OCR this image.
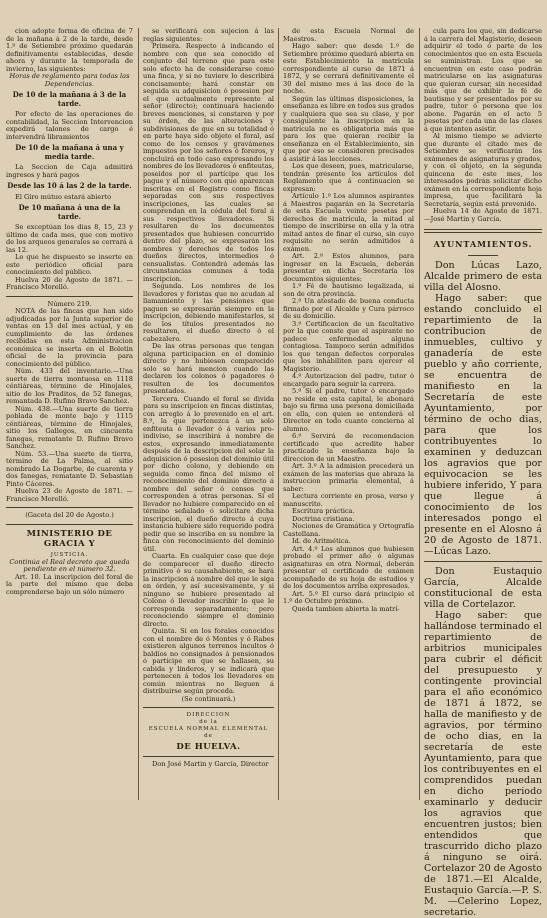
cion adopte forma de oficina de 7 de la mañana á 2 de la tarde, desde 1.º de Setiembre próximo quedarán definitivamente establecidas, desde ahora y durante la temporada de invierno, las siguientes:

Horas de reglamento para todas las Dependencias.

De 10 de la mañana á 3 de la tarde.

Por efecto de las operaciones de contabilidad, la Seccion Intervencion expedirá talones de cargo é intervendrá libramientos

De 10 de la mañana á una y media tarde.

La Seccion de Caja admitirá ingresos y hará pagos

Desde las 10 á las 2 de la tarde.

El Giro mútuo estará abierto

De 10 mañana á una de la tarde.

Se exceptúan los dias 8, 15, 23 y último de cada mes, que con motivo de los arqueos generales se cerrará á las 12.

Lo que he dispuesto se inserte en este periódico oficial para conocimiento del público.

Huelva 20 de Agosto de 1871. —Francisco Morelló.

Número 219.

NOTA de las fincas que han sido adjudicadas por la Junta superior de ventas en 13 del mes actual, y en cumplimiento de las órdenes recibidas en esta Administracion económica se inserta en el Boletin oficial de la provincia para conocimiento del público.

Núm. 433 del inventario.—Una suerte de tierra montuosa en 1118 céntiáreas, término de Hinojales, sitio de los Praditos, de 52 fanegas, remantada D. Rufino Bravo Sanchez.

Núm. 438.—Una suerte de tierra poblada de monte bajo y 1115 céntiáreas, término de Hinojales, sitio los Gallegos, en cincuenta fanegas, rematante D. Rufino Bravo Sanchez.

Núm. 53.—Una suerte de tierra, término de La Palma, al sitio nombrado La Dogarbe, de cuarenta y dos fanegas, rematante D. Sebastian Pinto Cáceres.

Huelva 23 de Agosto de 1871. —Francisco Morelló.

(Gaceta del 20 de Agosto.)

MINISTERIO DE GRACIA Y

JUSTICIA.

Continúa el Real decreto que queda pendiente en el número 32.

Art. 10. La inscripcion del foral de la parte del mismo que deba comprenderse bajo un sólo número

se verificará con sujecion á las reglas siguientes:

Primera. Respecto á indicando el nombre con que sea conocido el conjunto del terreno que para este solo efecto ha de considerarse como una finca, y si no tuviere lo describirá concisamente; hará constar en seguida su adquisicion ó posesion por el que actualmente represente al señor (directo); continuará haciendo breves menciones, si constaren y por su órden, de las alteraciones y subdivisiones de que en su totalidad ó en parte haya sido objeto el foral, así como de los censos y gravámenes impuestos por los señores ó foreros, y concluirá en todo caso expresando los nombres de los llevadores ó enfiteutas, poseidos por el partícipe que los pague y el número con que aparezcan inscritas en el Registro como fincas separadas con sus respectivos inscripciones, las cuales se comprendan en la cédula del foral á sus respectivos llevadores. Si resultaren de los documentos presentados que hubiesen concurrido dentro del plazo, se expresarán los nombres y derechos de todos los dueños directos, intermedios ó censualistas. Contendrá además las circunstancias comunes á toda inscripcion.

Segunda. Los nombres de los llevadores y foristas que no acudan al llamamiento y las pensiones que paguen se expresarán siempre en la inscripcion, debiendo manifestarlos, si de los títulos presentados no resultaren, el dueño directo ó el cabezalero.

De las otras personas que tengan alguna participacion en el dominio directo y no hubiesen comparecido solo se hará mencion cuando las declaren los colonos ó pagadores ó resulten de los documentos presentados.

Tercera. Cuando el foral se divida para su inscripcion en fincas distintas, con arreglo á lo prevenido en el art. 8.º, la que pertenezca á un solo enfiteuta ó llevador ó á varios pro-indiviso, se inscribirá á nombre de estos, expresando inmediatamente después de la descripcion del solar la adquisicion ó posesion del dominio útil por dicho colono, y debiendo en seguida como finca del mismo el reconocimiento del dominio directo á nombre del señor ó censos que corresponden á otras personas. Si el llevador no hubiere comparecido en el término señalado ó solicitare dicha inscripcion, el dueño directo á cuya instancia hubiere sido requerido podrá pedir que se inscriba en su nombre la finca con reconocimiento del dominio útil.

Cuarta. En cualquier caso que deje de comparecer el dueño directo primitivo ó su causahabiente, se hará la inscripcion á nombre del que le siga en órden, y así sucesivamente, y si ninguno se hubiere presentado al Colono ó llevador inscribir lo que le corresponda separadamente; pero reconociendo siempre el dominio directo.

Quinta. Si en los forales conocidos con el nombre de ó Montes y ó Rabes existieren algunos terrenos incultos ó baldíos no consignados á pensionados ó partícipe en que se hallasen, su cabida y linderos, y se indicará que pertenecen á todos los llevadores en común mientras no lleguen á distribuirse según proceda.

(Se continuará.)

DIRECCION

de la

ESCUELA NORMAL ELEMENTAL

de

DE HUELVA.

Don José Martin y García, Director

de esta Escuela Normal de Maestros.

Hago saber: que desde 1.º de Setiembre próximo quedará abierta en este Establecimiento la matrícula correspondiente al curso de 1871 á 1872, y se cerrará definitivamente el 30 del mismo mes á las doce de la noche.

Según las últimas disposiciones, la enseñanza es libre en todos sus grados y cualquiera que sea su clase, y por consiguiente la inscripcion en la matrícula no es obligatoria más que para los que quieran recibir la enseñanza en el Establecimiento, sin que por eso se consideren precisados á asistir á las lecciones.

Los que deseen, pues, matricularse, tendrán presente los artículos del Reglamento que á continuacion se expresan:

Artículo 1.º Los alumnos aspirantes á Maestros pagarán en la Secretaría de esta Escuela veinte pesetas por derechos de matrícula, la mitad al tiempo de inscribirse en ella y la otra mitad antes de finar el curso, sin cuyo requisito no serán admitidos á exámen.

Art. 2.º Estos alumnos, para ingresar en la Escuela, deberán presentar en dicha Secretaría los documentos siguientes:

1.º Fé de bautismo legalizada, si son de otra provincia.

2.º Un atestado de buena conducta firmado por el Alcalde y Cura párroco de su domicilio.

3.º Certificacion de un facultativo por la que conste que el aspirante no padece enfermedad alguna contagiosa. Tampoco serán admitidos los que tengan defectos corporales que los inhabiliten para ejercer el Magisterio.

4.º Autorizacion del padre, tutor ó encargado para seguir la carrera.

5.º Si el padre, tutor ó encargado no reside en esta capital, le abonará bajo su firma una persona domiciliada en ella, con quien se entenderá el Director en todo cuanto concierna al alumno.

6.º Servirá de recomendacion certificado que acredite haber practicado la enseñanza bajo la direccion de un Maestro.

Art. 3.º A la admision precederá un exámen de las materias que abraza la instruccion primaria elemental, á saber:

Lectura corriente en prosa, verso y manuscrito.

Escritura práctica.

Doctrina cristiana.

Nociones de Gramática y Ortografía Castellana.

Id. de Aritmética.

Art. 4.º Los alumnos que hubiesen probado el primer año ó algunas asignaturas en otra Normal, deberán presentar el certificado de exámen acompañado de su hoja de estudios y de los documentos arriba expresados.

Art. 5.º El curso dará principio el 1.º de Octubre próximo.

Queda tambien abierta la matrí-

cula para los que, sin dedicarse á la carrera del Magisterio, deseen adquirir el todo ó parte de los conocimientos que en esta Escuela se suministran. Los que se encuentren en este caso podrán matricularse en las asignaturas que quieran cursar, sin necesidad más que de exhibir la fé de bautismo y ser presentados por su padre, tutor ó persona que los abone. Pagarán en el acto 5 pesetas por cada una de las clases á que intenten asistir.

Al mismo tiempo se advierte que durante el citado mes de Setiembre se verificarán los exámenes de asignaturas y grados, y con el objeto, en la segunda quincena de este mes, los interesados podrán solicitar dicho exámen en la correspondiente hoja impresa, que facilitará la Secretaría, según está prevenido.

Huelva 14 de Agosto de 1871. —José Martin y García.

AYUNTAMIENTOS.

Don Lúcas Lazo, Alcalde primero de esta villa del Alosno.

Hago saber: que estando concluido el repartimiento de la contribucion de inmuebles, cultivo y ganadería de este pueblo y año corriente, se encuentra de manifiesto en la Secretaría de este Ayuntamiento, por término de ocho dias, para que los contribuyentes lo examinen y deduzcan los agravios que por equivocacion se les hubiere inferido, Y para que llegue á conocimiento de los interesados pongo el presente en el Alosno á 20 de Agosto de 1871. —Lúcas Lazo.

Don Eustaquio García, Alcalde constitucional de esta villa de Cortelazor.

Hago saber: que hallándose terminado el repartimiento de arbitrios municipales para cubrir el déficit del presupuesto y contingente provincial para el año económico de 1871 á 1872, se halla de manifiesto y de agravios, por término de ocho dias, en la secretaría de este Ayuntamiento, para que los contribuyentes en el comprendidos puedan en dicho periodo examinarlo y deducir los agravios que encuentren justos; bien entendidos que trascurrido dicho plazo á ninguno se oirá. Cortelazor 20 de Agosto de 1871.—El Alcalde, Eustaquio García.—P. S. M. —Celerino Lopez, secretario.
